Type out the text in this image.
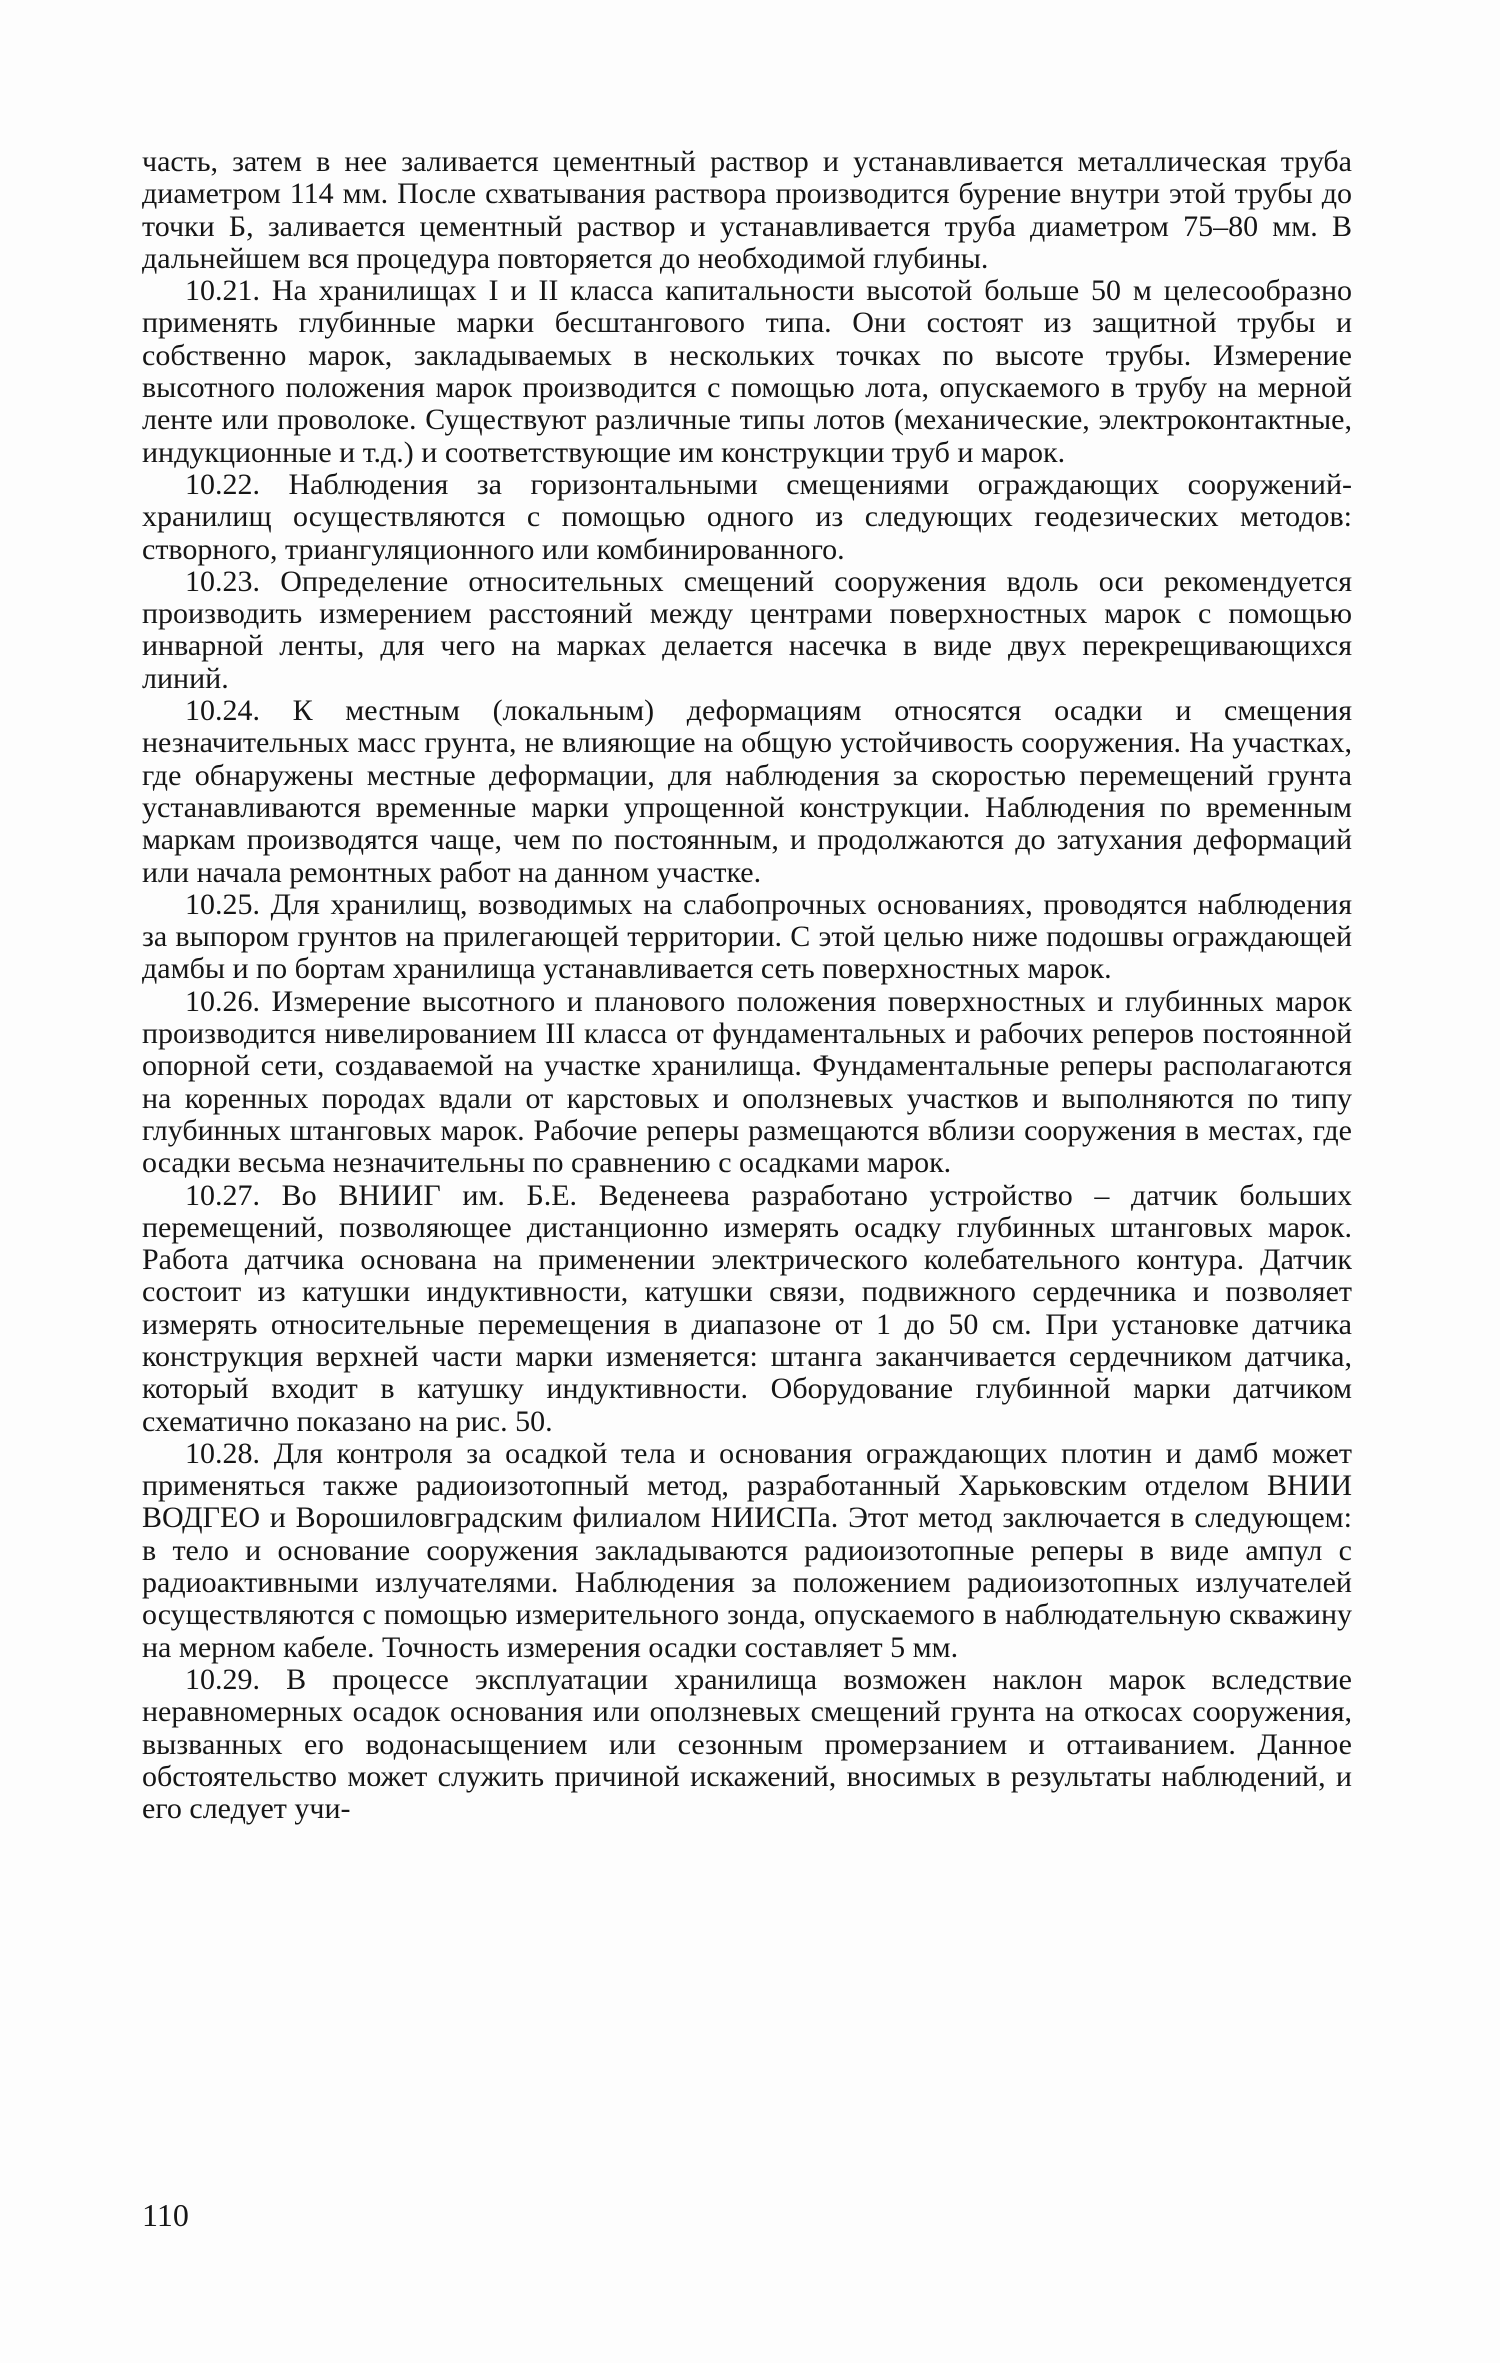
часть, затем в нее заливается цементный раствор и устанавливается металлическая труба диаметром 114 мм. После схватывания раствора производится бурение внутри этой трубы до точки Б, заливается цементный раствор и устанавливается труба диаметром 75–80 мм. В дальнейшем вся процедура повторяется до необходимой глубины.

10.21. На хранилищах I и II класса капитальности высотой больше 50 м целесообразно применять глубинные марки бесштангового типа. Они состоят из защитной трубы и собственно марок, закладываемых в нескольких точках по высоте трубы. Измерение высотного положения марок производится с помощью лота, опускаемого в трубу на мерной ленте или проволоке. Существуют различные типы лотов (механические, электроконтактные, индукционные и т.д.) и соответствующие им конструкции труб и марок.

10.22. Наблюдения за горизонтальными смещениями ограждающих сооружений-хранилищ осуществляются с помощью одного из следующих геодезических методов: створного, триангуляционного или комбинированного.

10.23. Определение относительных смещений сооружения вдоль оси рекомендуется производить измерением расстояний между центрами поверхностных марок с помощью инварной ленты, для чего на марках делается насечка в виде двух перекрещивающихся линий.

10.24. К местным (локальным) деформациям относятся осадки и смещения незначительных масс грунта, не влияющие на общую устойчивость сооружения. На участках, где обнаружены местные деформации, для наблюдения за скоростью перемещений грунта устанавливаются временные марки упрощенной конструкции. Наблюдения по временным маркам производятся чаще, чем по постоянным, и продолжаются до затухания деформаций или начала ремонтных работ на данном участке.

10.25. Для хранилищ, возводимых на слабопрочных основаниях, проводятся наблюдения за выпором грунтов на прилегающей территории. С этой целью ниже подошвы ограждающей дамбы и по бортам хранилища устанавливается сеть поверхностных марок.

10.26. Измерение высотного и планового положения поверхностных и глубинных марок производится нивелированием III класса от фундаментальных и рабочих реперов постоянной опорной сети, создаваемой на участке хранилища. Фундаментальные реперы располагаются на коренных породах вдали от карстовых и оползневых участков и выполняются по типу глубинных штанговых марок. Рабочие реперы размещаются вблизи сооружения в местах, где осадки весьма незначительны по сравнению с осадками марок.

10.27. Во ВНИИГ им. Б.Е. Веденеева разработано устройство – датчик больших перемещений, позволяющее дистанционно измерять осадку глубинных штанговых марок. Работа датчика основана на применении электрического колебательного контура. Датчик состоит из катушки индуктивности, катушки связи, подвижного сердечника и позволяет измерять относительные перемещения в диапазоне от 1 до 50 см. При установке датчика конструкция верхней части марки изменяется: штанга заканчивается сердечником датчика, который входит в катушку индуктивности. Оборудование глубинной марки датчиком схематично показано на рис. 50.

10.28. Для контроля за осадкой тела и основания ограждающих плотин и дамб может применяться также радиоизотопный метод, разработанный Харьковским отделом ВНИИ ВОДГЕО и Ворошиловградским филиалом НИИСПа. Этот метод заключается в следующем: в тело и основание сооружения закладываются радиоизотопные реперы в виде ампул с радиоактивными излучателями. Наблюдения за положением радиоизотопных излучателей осуществляются с помощью измерительного зонда, опускаемого в наблюдательную скважину на мерном кабеле. Точность измерения осадки составляет 5 мм.

10.29. В процессе эксплуатации хранилища возможен наклон марок вследствие неравномерных осадок основания или оползневых смещений грунта на откосах сооружения, вызванных его водонасыщением или сезонным промерзанием и оттаиванием. Данное обстоятельство может служить причиной искажений, вносимых в результаты наблюдений, и его следует учи-

110
